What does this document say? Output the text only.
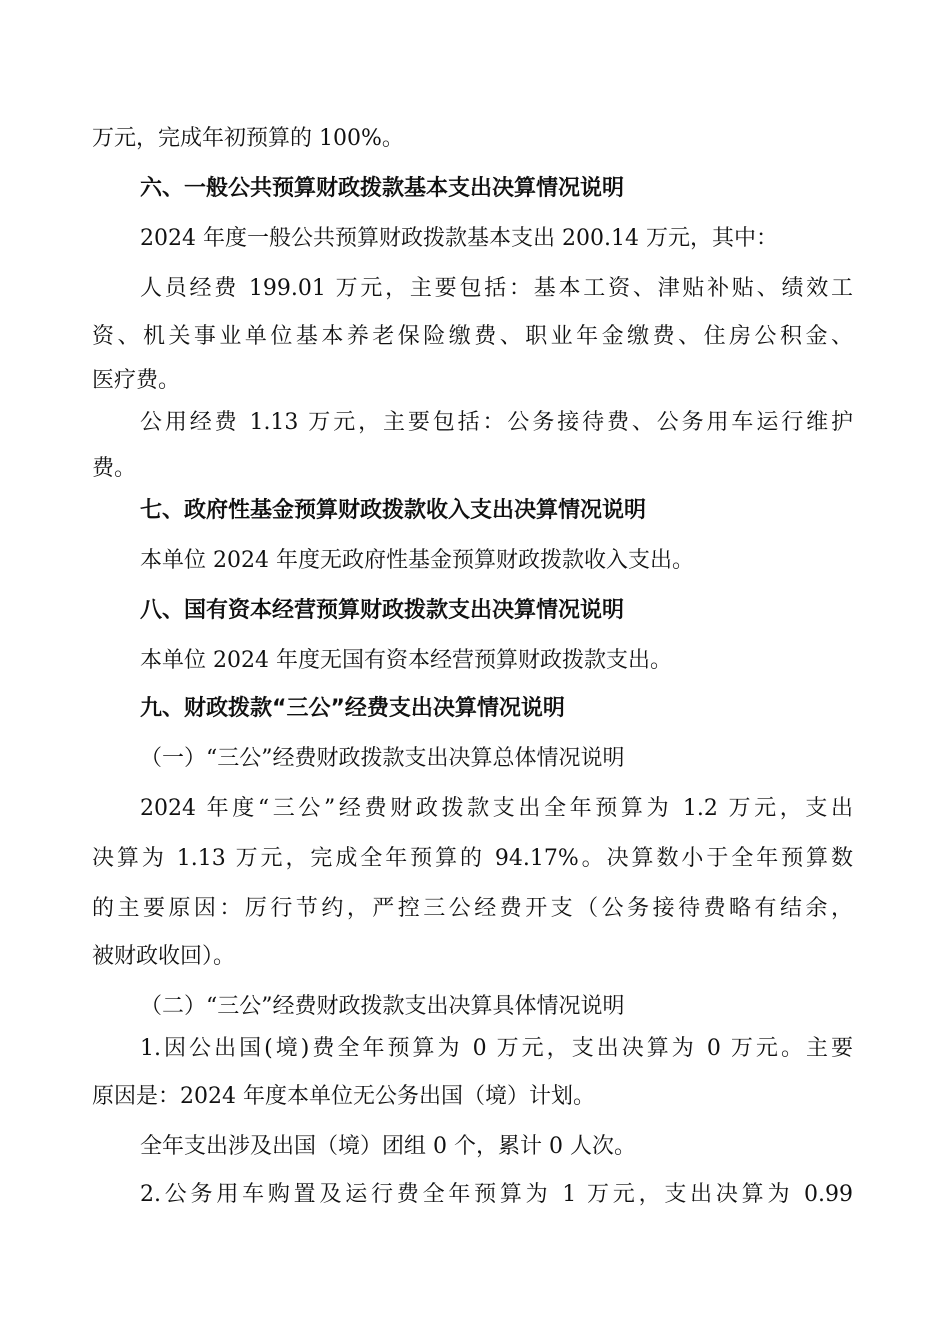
万元，完成年初预算的 100%。

六、一般公共预算财政拨款基本支出决算情况说明

2024 年度一般公共预算财政拨款基本支出 200.14 万元，其中：

人员经费 199.01 万元，主要包括：基本工资、津贴补贴、绩效工

资、机关事业单位基本养老保险缴费、职业年金缴费、住房公积金、

医疗费。

公用经费 1.13 万元，主要包括：公务接待费、公务用车运行维护

费。

七、政府性基金预算财政拨款收入支出决算情况说明

本单位 2024 年度无政府性基金预算财政拨款收入支出。

八、国有资本经营预算财政拨款支出决算情况说明

本单位 2024 年度无国有资本经营预算财政拨款支出。

九、财政拨款“三公”经费支出决算情况说明

（一）“三公”经费财政拨款支出决算总体情况说明

2024 年度“三公”经费财政拨款支出全年预算为 1.2 万元，支出

决算为 1.13 万元，完成全年预算的 94.17%。决算数小于全年预算数

的主要原因：厉行节约，严控三公经费开支（公务接待费略有结余，

被财政收回）。

（二）“三公”经费财政拨款支出决算具体情况说明

1.因公出国(境)费全年预算为 0 万元，支出决算为 0 万元。主要

原因是：2024 年度本单位无公务出国（境）计划。

全年支出涉及出国（境）团组 0 个，累计 0 人次。

2.公务用车购置及运行费全年预算为 1 万元，支出决算为 0.99
